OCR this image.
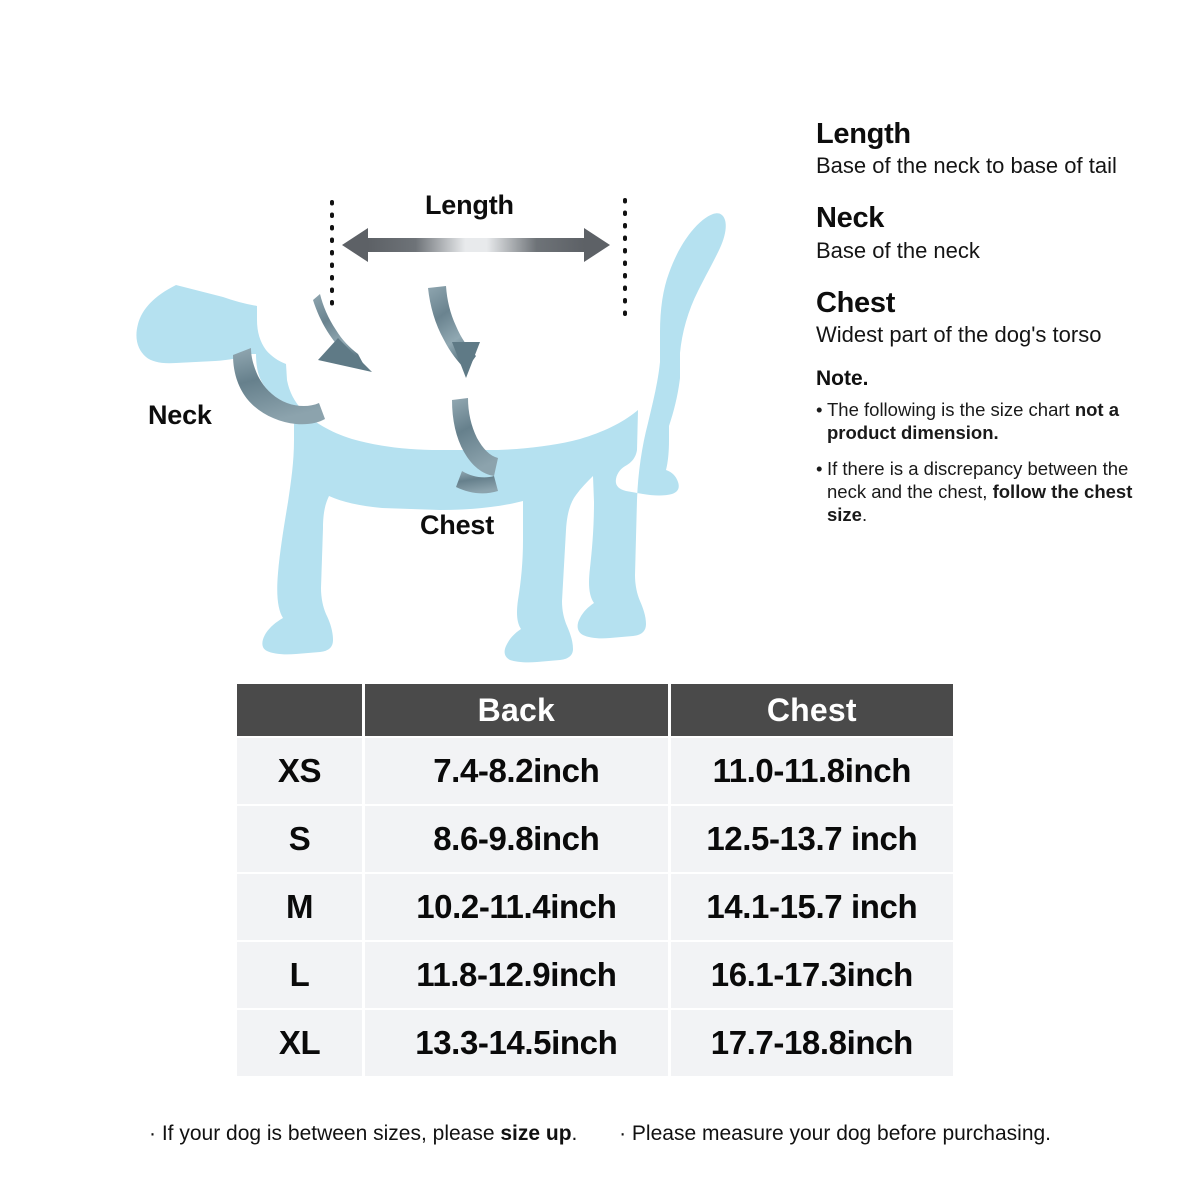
Length
Neck
Chest
Length
Base of the neck to base of tail
Neck
Base of the neck
Chest
Widest part of the dog's torso
Note.
• The following is the size chart not a product dimension.
• If there is a discrepancy between the neck and the chest, follow the chest size.
	Back	Chest
XS	7.4-8.2inch	11.0-11.8inch
S	8.6-9.8inch	12.5-13.7 inch
M	10.2-11.4inch	14.1-15.7 inch
L	11.8-12.9inch	16.1-17.3inch
XL	13.3-14.5inch	17.7-18.8inch
· If your dog is between sizes, please size up. · Please measure your dog before purchasing.
